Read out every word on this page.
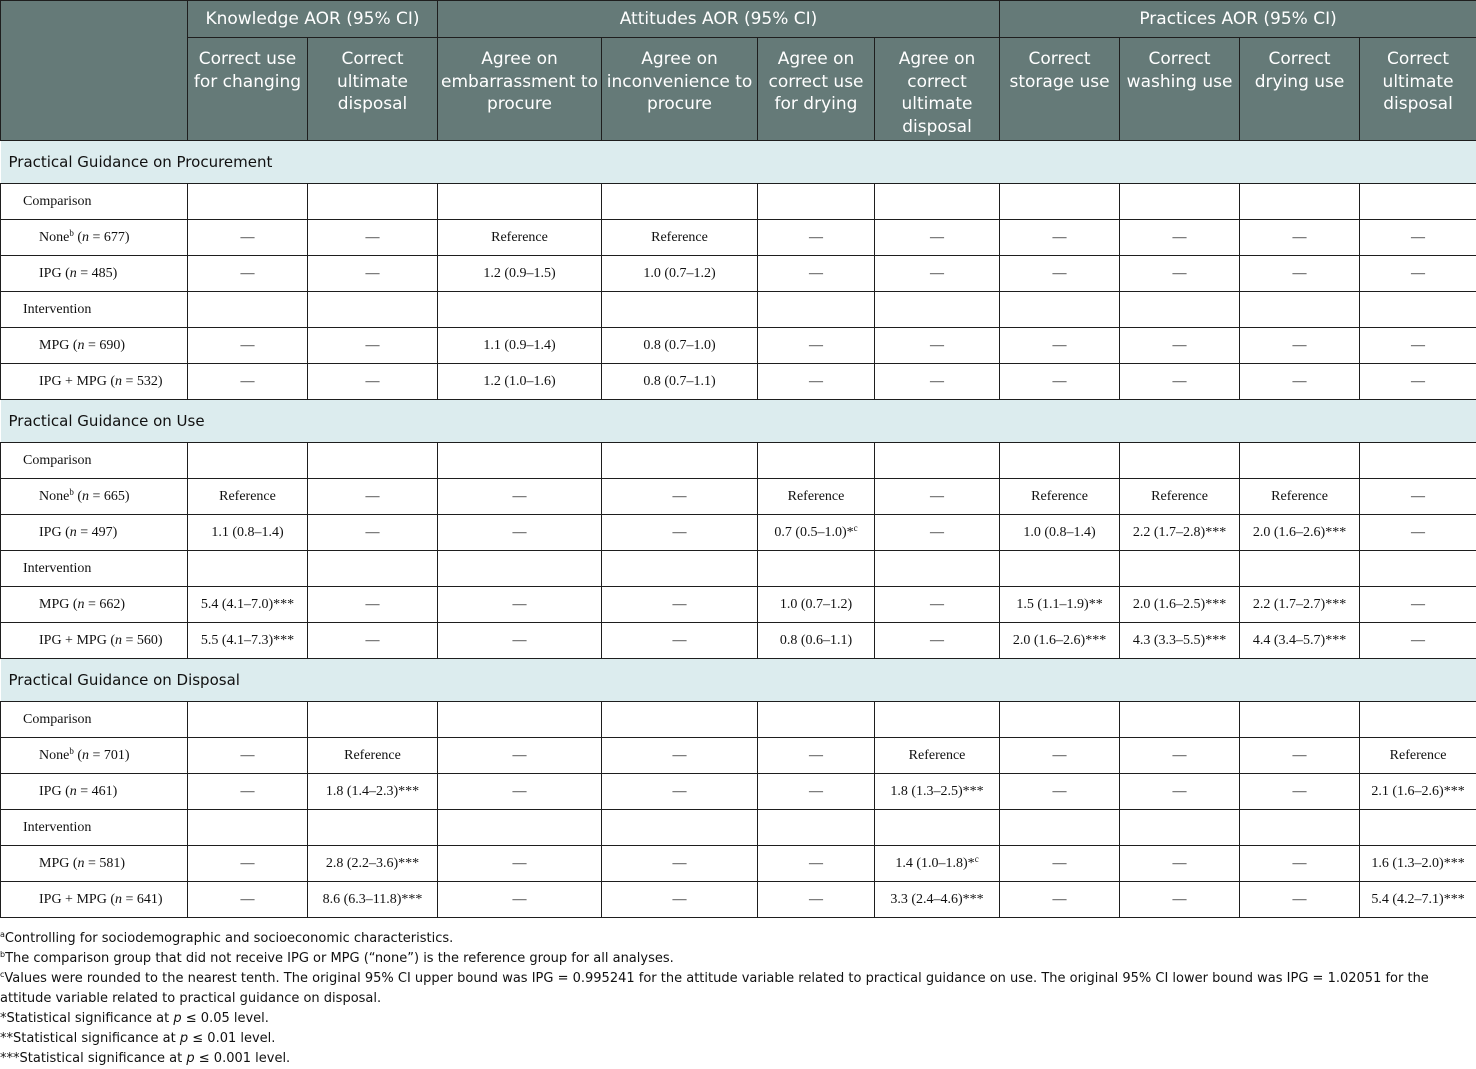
	Knowledge AOR (95% CI)		Attitudes AOR (95% CI)				Practices AOR (95% CI)			
	Correct use for changing	Correct ultimate disposal	Agree on embarrassment to procure	Agree on inconvenience to procure	Agree on correct use for drying	Agree on correct ultimate disposal	Correct storage use	Correct washing use	Correct drying use	Correct ultimate disposal
Practical Guidance on Procurement										
Comparison										
None$^b$ (n = 677)	—	—	Reference	Reference	—	—	—	—	—	—
IPG (n = 485)	—	—	1.2 (0.9–1.5)	1.0 (0.7–1.2)	—	—	—	—	—	—
Intervention										
MPG (n = 690)	—	—	1.1 (0.9–1.4)	0.8 (0.7–1.0)	—	—	—	—	—	—
IPG + MPG (n = 532)	—	—	1.2 (1.0–1.6)	0.8 (0.7–1.1)	—	—	—	—	—	—
Practical Guidance on Use										
Comparison										
None$^b$ (n = 665)	Reference	—	—	—	Reference	—	Reference	Reference	Reference	—
IPG (n = 497)	1.1 (0.8–1.4)	—	—	—	0.7 (0.5–1.0)*$^c$	—	1.0 (0.8–1.4)	2.2 (1.7–2.8)***	2.0 (1.6–2.6)***	—
Intervention										
MPG (n = 662)	5.4 (4.1–7.0)***	—	—	—	1.0 (0.7–1.2)	—	1.5 (1.1–1.9)**	2.0 (1.6–2.5)***	2.2 (1.7–2.7)***	—
IPG + MPG (n = 560)	5.5 (4.1–7.3)***	—	—	—	0.8 (0.6–1.1)	—	2.0 (1.6–2.6)***	4.3 (3.3–5.5)***	4.4 (3.4–5.7)***	—
Practical Guidance on Disposal										
Comparison										
None$^b$ (n = 701)	—	Reference	—	—	—	Reference	—	—	—	Reference
IPG (n = 461)	—	1.8 (1.4–2.3)***	—	—	—	1.8 (1.3–2.5)***	—	—	—	2.1 (1.6–2.6)***
Intervention										
MPG (n = 581)	—	2.8 (2.2–3.6)***	—	—	—	1.4 (1.0–1.8)*$^c$	—	—	—	1.6 (1.3–2.0)***
IPG + MPG (n = 641)	—	8.6 (6.3–11.8)***	—	—	—	3.3 (2.4–4.6)***	—	—	—	5.4 (4.2–7.1)***
$^a$Controlling for sociodemographic and socioeconomic characteristics.
$^b$The comparison group that did not receive IPG or MPG (“none”) is the reference group for all analyses.
$^c$Values were rounded to the nearest tenth. The original 95% CI upper bound was IPG = 0.995241 for the attitude variable related to practical guidance on use. The original 95% CI lower bound was IPG = 1.02051 for the attitude variable related to practical guidance on disposal.
*Statistical significance at p ≤ 0.05 level.
**Statistical significance at p ≤ 0.01 level.
***Statistical significance at p ≤ 0.001 level.
